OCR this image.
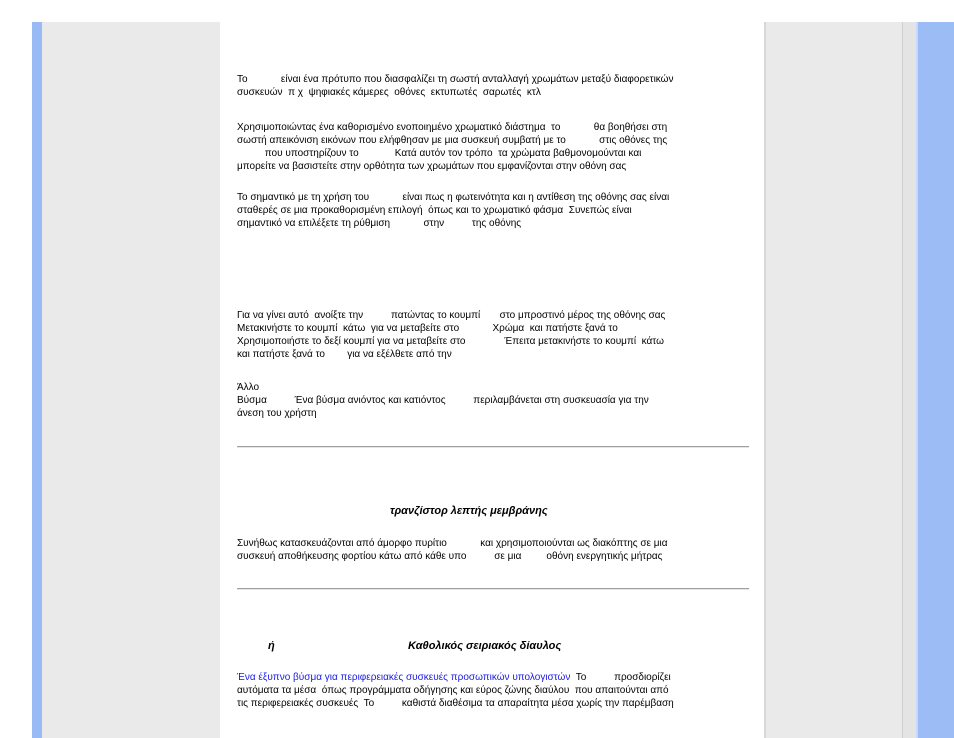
Το            είναι ένα πρότυπο που διασφαλίζει τη σωστή ανταλλαγή χρωμάτων μεταξύ διαφορετικών
συσκευών  π χ  ψηφιακές κάμερες  οθόνες  εκτυπωτές  σαρωτές  κτλ

Χρησιμοποιώντας ένα καθορισμένο ενοποιημένο χρωματικό διάστημα  το            θα βοηθήσει στη
σωστή απεικόνιση εικόνων που ελήφθησαν με μια συσκευή συμβατή με το            στις οθόνες της
που υποστηρίζουν το             Κατά αυτόν τον τρόπο  τα χρώματα βαθμονομούνται και
μπορείτε να βασιστείτε στην ορθότητα των χρωμάτων που εμφανίζονται στην οθόνη σας

Το σημαντικό με τη χρήση του            είναι πως η φωτεινότητα και η αντίθεση της οθόνης σας είναι
σταθερές σε μια προκαθορισμένη επιλογή  όπως και το χρωματικό φάσμα  Συνεπώς είναι
σημαντικό να επιλέξετε τη ρύθμιση            στην          της οθόνης

Για να γίνει αυτό  ανοίξτε την          πατώντας το κουμπί       στο μπροστινό μέρος της οθόνης σας
Μετακινήστε το κουμπί  κάτω  για να μεταβείτε στο            Χρώμα  και πατήστε ξανά το
Χρησιμοποιήστε το δεξί κουμπί για να μεταβείτε στο              Έπειτα μετακινήστε το κουμπί  κάτω
και πατήστε ξανά το        για να εξέλθετε από την

Άλλο
Βύσμα          Ένα βύσμα ανιόντος και κατιόντος          περιλαμβάνεται στη συσκευασία για την
άνεση του χρήστη

τρανζίστορ λεπτής μεμβράνης

Συνήθως κατασκευάζονται από άμορφο πυρίτιο            και χρησιμοποιούνται ως διακόπτης σε μια
συσκευή αποθήκευσης φορτίου κάτω από κάθε υπο          σε μια         οθόνη ενεργητικής μήτρας

ή	Καθολικός σειριακός δίαυλος

Ένα έξυπνο βύσμα για περιφερειακές συσκευές προσωπικών υπολογιστών  Το          προσδιορίζει
αυτόματα τα μέσα  όπως προγράμματα οδήγησης και εύρος ζώνης διαύλου  που απαιτούνται από
τις περιφερειακές συσκευές  Το          καθιστά διαθέσιμα τα απαραίτητα μέσα χωρίς την παρέμβαση
